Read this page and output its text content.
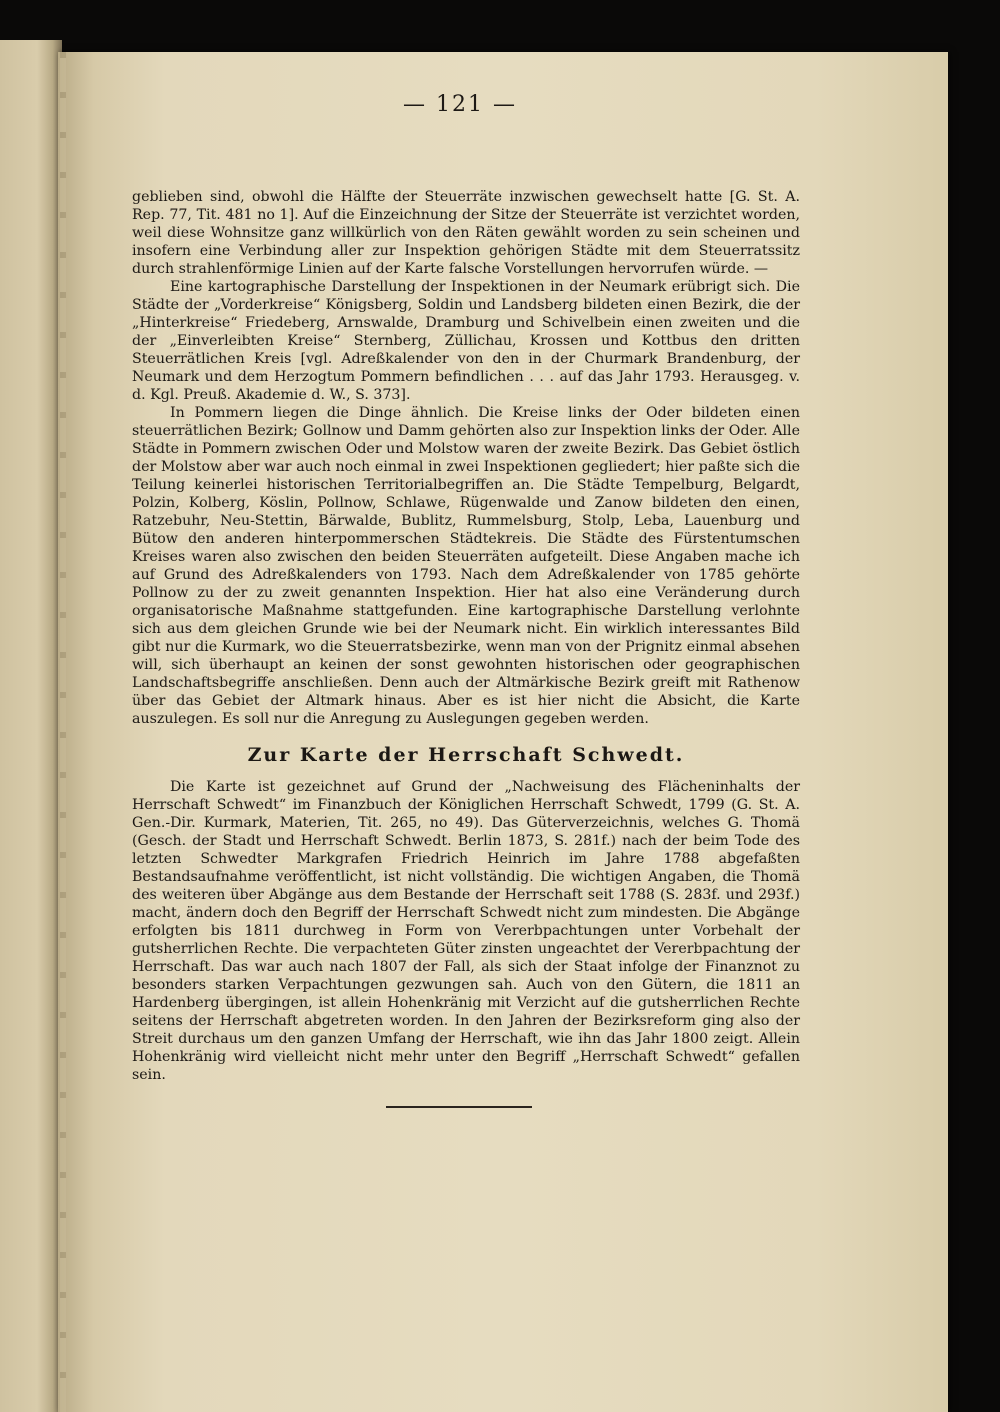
— 121 —

geblieben sind, obwohl die Hälfte der Steuerräte inzwischen gewechselt hatte [G. St. A. Rep. 77, Tit. 481 no 1]. Auf die Einzeichnung der Sitze der Steuerräte ist verzichtet worden, weil diese Wohnsitze ganz willkürlich von den Räten gewählt worden zu sein scheinen und insofern eine Verbindung aller zur Inspektion gehörigen Städte mit dem Steuerratssitz durch strahlenförmige Linien auf der Karte falsche Vorstellungen hervorrufen würde. —

Eine kartographische Darstellung der Inspektionen in der Neumark erübrigt sich. Die Städte der „Vorderkreise“ Königsberg, Soldin und Landsberg bildeten einen Bezirk, die der „Hinterkreise“ Friedeberg, Arnswalde, Dramburg und Schivelbein einen zweiten und die der „Einverleibten Kreise“ Sternberg, Züllichau, Krossen und Kottbus den dritten Steuerrätlichen Kreis [vgl. Adreßkalender von den in der Churmark Brandenburg, der Neumark und dem Herzogtum Pommern befindlichen . . . auf das Jahr 1793. Herausgeg. v. d. Kgl. Preuß. Akademie d. W., S. 373].

In Pommern liegen die Dinge ähnlich. Die Kreise links der Oder bildeten einen steuerrätlichen Bezirk; Gollnow und Damm gehörten also zur Inspektion links der Oder. Alle Städte in Pommern zwischen Oder und Molstow waren der zweite Bezirk. Das Gebiet östlich der Molstow aber war auch noch einmal in zwei Inspektionen gegliedert; hier paßte sich die Teilung keinerlei historischen Territorialbegriffen an. Die Städte Tempelburg, Belgardt, Polzin, Kolberg, Köslin, Pollnow, Schlawe, Rügenwalde und Zanow bildeten den einen, Ratzebuhr, Neu-Stettin, Bärwalde, Bublitz, Rummelsburg, Stolp, Leba, Lauenburg und Bütow den anderen hinterpommerschen Städtekreis. Die Städte des Fürstentumschen Kreises waren also zwischen den beiden Steuerräten aufgeteilt. Diese Angaben mache ich auf Grund des Adreßkalenders von 1793. Nach dem Adreßkalender von 1785 gehörte Pollnow zu der zu zweit genannten Inspektion. Hier hat also eine Veränderung durch organisatorische Maßnahme stattgefunden. Eine kartographische Darstellung verlohnte sich aus dem gleichen Grunde wie bei der Neumark nicht. Ein wirklich interessantes Bild gibt nur die Kurmark, wo die Steuerratsbezirke, wenn man von der Prignitz einmal absehen will, sich überhaupt an keinen der sonst gewohnten historischen oder geographischen Landschaftsbegriffe anschließen. Denn auch der Altmärkische Bezirk greift mit Rathenow über das Gebiet der Altmark hinaus. Aber es ist hier nicht die Absicht, die Karte auszulegen. Es soll nur die Anregung zu Auslegungen gegeben werden.

Zur Karte der Herrschaft Schwedt.

Die Karte ist gezeichnet auf Grund der „Nachweisung des Flächeninhalts der Herrschaft Schwedt“ im Finanzbuch der Königlichen Herrschaft Schwedt, 1799 (G. St. A. Gen.-Dir. Kurmark, Materien, Tit. 265, no 49). Das Güterverzeichnis, welches G. Thomä (Gesch. der Stadt und Herrschaft Schwedt. Berlin 1873, S. 281f.) nach der beim Tode des letzten Schwedter Markgrafen Friedrich Heinrich im Jahre 1788 abgefaßten Bestandsaufnahme veröffentlicht, ist nicht vollständig. Die wichtigen Angaben, die Thomä des weiteren über Abgänge aus dem Bestande der Herrschaft seit 1788 (S. 283f. und 293f.) macht, ändern doch den Begriff der Herrschaft Schwedt nicht zum mindesten. Die Abgänge erfolgten bis 1811 durchweg in Form von Vererbpachtungen unter Vorbehalt der gutsherrlichen Rechte. Die verpachteten Güter zinsten ungeachtet der Vererbpachtung der Herrschaft. Das war auch nach 1807 der Fall, als sich der Staat infolge der Finanznot zu besonders starken Verpachtungen gezwungen sah. Auch von den Gütern, die 1811 an Hardenberg übergingen, ist allein Hohenkränig mit Verzicht auf die gutsherrlichen Rechte seitens der Herrschaft abgetreten worden. In den Jahren der Bezirksreform ging also der Streit durchaus um den ganzen Umfang der Herrschaft, wie ihn das Jahr 1800 zeigt. Allein Hohenkränig wird vielleicht nicht mehr unter den Begriff „Herrschaft Schwedt“ gefallen sein.
